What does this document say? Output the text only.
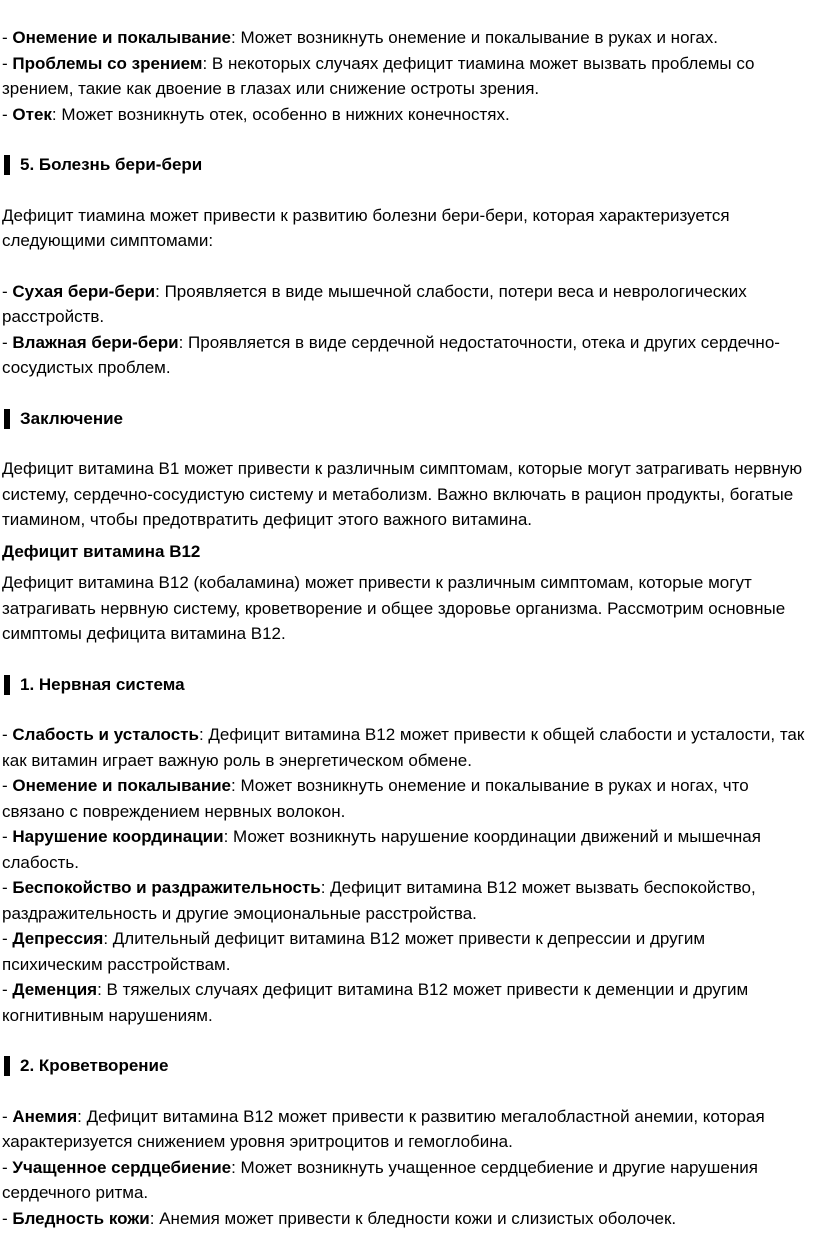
- Онемение и покалывание: Может возникнуть онемение и покалывание в руках и ногах.

- Проблемы со зрением: В некоторых случаях дефицит тиамина может вызвать проблемы со зрением, такие как двоение в глазах или снижение остроты зрения.

- Отек: Может возникнуть отек, особенно в нижних конечностях.

5. Болезнь бери-бери

Дефицит тиамина может привести к развитию болезни бери-бери, которая характеризуется следующими симптомами:

- Сухая бери-бери: Проявляется в виде мышечной слабости, потери веса и неврологических расстройств.

- Влажная бери-бери: Проявляется в виде сердечной недостаточности, отека и других сердечно-сосудистых проблем.

Заключение

Дефицит витамина В1 может привести к различным симптомам, которые могут затрагивать нервную систему, сердечно-сосудистую систему и метаболизм. Важно включать в рацион продукты, богатые тиамином, чтобы предотвратить дефицит этого важного витамина.

Дефицит витамина В12

Дефицит витамина В12 (кобаламина) может привести к различным симптомам, которые могут затрагивать нервную систему, кроветворение и общее здоровье организма. Рассмотрим основные симптомы дефицита витамина В12.

1. Нервная система

- Слабость и усталость: Дефицит витамина В12 может привести к общей слабости и усталости, так как витамин играет важную роль в энергетическом обмене.

- Онемение и покалывание: Может возникнуть онемение и покалывание в руках и ногах, что связано с повреждением нервных волокон.

- Нарушение координации: Может возникнуть нарушение координации движений и мышечная слабость.

- Беспокойство и раздражительность: Дефицит витамина В12 может вызвать беспокойство, раздражительность и другие эмоциональные расстройства.

- Депрессия: Длительный дефицит витамина В12 может привести к депрессии и другим психическим расстройствам.

- Деменция: В тяжелых случаях дефицит витамина В12 может привести к деменции и другим когнитивным нарушениям.

2. Кроветворение

- Анемия: Дефицит витамина В12 может привести к развитию мегалобластной анемии, которая характеризуется снижением уровня эритроцитов и гемоглобина.

- Учащенное сердцебиение: Может возникнуть учащенное сердцебиение и другие нарушения сердечного ритма.

- Бледность кожи: Анемия может привести к бледности кожи и слизистых оболочек.
